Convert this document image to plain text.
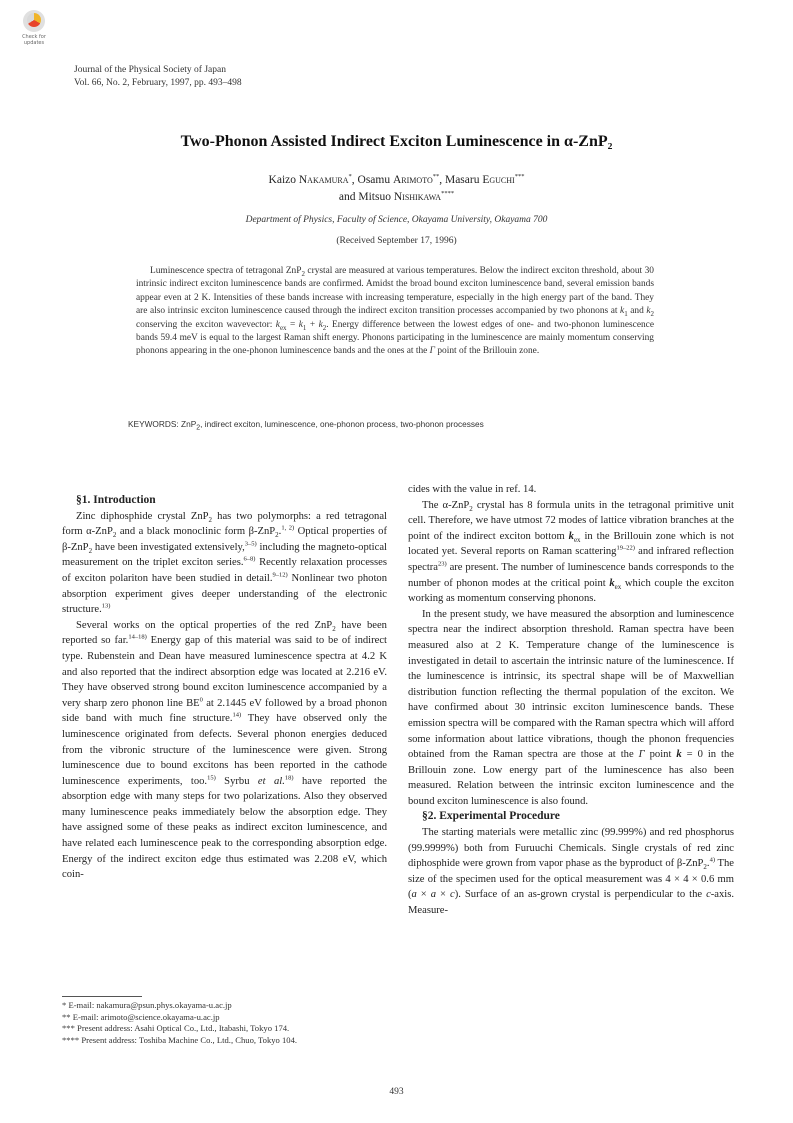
Check for
updates
Journal of the Physical Society of Japan
Vol. 66, No. 2, February, 1997, pp. 493–498
Two-Phonon Assisted Indirect Exciton Luminescence in α-ZnP₂
Kaizo Nakamura*, Osamu Arimoto**, Masaru Eguchi***
and Mitsuo Nishikawa****
Department of Physics, Faculty of Science, Okayama University, Okayama 700
(Received September 17, 1996)
Luminescence spectra of tetragonal ZnP$_2$ crystal are measured at various temperatures. Below the indirect exciton threshold, about 30 intrinsic indirect exciton luminescence bands are confirmed. Amidst the broad bound exciton luminescence band, several emission bands appear even at 2 K. Intensities of these bands increase with increasing temperature, especially in the high energy part of the band. They are also intrinsic exciton luminescence caused through the indirect exciton transition processes accompanied by two phonons at $k_1$ and $k_2$ conserving the exciton wavevector: $k_{ex} = k_1 + k_2$. Energy difference between the lowest edges of one- and two-phonon luminescence bands 59.4 meV is equal to the largest Raman shift energy. Phonons participating in the luminescence are mainly momentum conserving phonons appearing in the one-phonon luminescence bands and the ones at the Γ point of the Brillouin zone.
KEYWORDS: ZnP$_2$, indirect exciton, luminescence, one-phonon process, two-phonon processes

§1. Introduction

Zinc diphosphide crystal ZnP$_2$ has two polymorphs: a red tetragonal form α-ZnP$_2$ and a black monoclinic form β-ZnP$_2$.$^{1, 2)}$ Optical properties of β-ZnP$_2$ have been investigated extensively,$^{3-5)}$ including the magneto-optical measurement on the triplet exciton series.$^{6-8)}$ Recently relaxation processes of exciton polariton have been studied in detail.$^{9-12)}$ Nonlinear two photon absorption experiment gives deeper understanding of the electronic structure.$^{13)}$

Several works on the optical properties of the red ZnP$_2$ have been reported so far.$^{14-18)}$ Energy gap of this material was said to be of indirect type. Rubenstein and Dean have measured luminescence spectra at 4.2 K and also reported that the indirect absorption edge was located at 2.216 eV. They have observed strong bound exciton luminescence accompanied by a very sharp zero phonon line $BE^0$ at 2.1445 eV followed by a broad phonon side band with much fine structure.$^{14)}$ They have observed only the luminescence originated from defects. Several phonon energies deduced from the vibronic structure of the luminescence were given. Strong luminescence due to bound excitons has been reported in the cathode luminescence experiments, too.$^{15)}$ Syrbu et al.$^{18)}$ have reported the absorption edge with many steps for two polarizations. Also they observed many luminescence peaks immediately below the absorption edge. They have assigned some of these peaks as indirect exciton luminescence, and have related each luminescence peak to the corresponding absorption edge. Energy of the indirect exciton edge thus estimated was 2.208 eV, which coin-

* E-mail: nakamura@psun.phys.okayama-u.ac.jp
** E-mail: arimoto@science.okayama-u.ac.jp
*** Present address: Asahi Optical Co., Ltd., Itabashi, Tokyo 174.
**** Present address: Toshiba Machine Co., Ltd., Chuo, Tokyo 104.

cides with the value in ref. 14.

The α-ZnP$_2$ crystal has 8 formula units in the tetragonal primitive unit cell. Therefore, we have utmost 72 modes of lattice vibration branches at the point of the indirect exciton bottom $k_{ex}$ in the Brillouin zone which is not located yet. Several reports on Raman scattering$^{19-22)}$ and infrared reflection spectra$^{23)}$ are present. The number of luminescence bands corresponds to the number of phonon modes at the critical point $k_{ex}$ which couple the exciton working as momentum conserving phonons.

In the present study, we have measured the absorption and luminescence spectra near the indirect absorption threshold. Raman spectra have been measured also at 2 K. Temperature change of the luminescence is investigated in detail to ascertain the intrinsic nature of the luminescence. If the luminescence is intrinsic, its spectral shape will be of Maxwellian distribution function reflecting the thermal population of the exciton. We have confirmed about 30 intrinsic exciton luminescence bands. These emission spectra will be compared with the Raman spectra which will afford some information about lattice vibrations, though the phonon frequencies obtained from the Raman spectra are those at the Γ point k = 0 in the Brillouin zone. Low energy part of the luminescence has also been measured. Relation between the intrinsic exciton luminescence and the bound exciton luminescence is also found.

§2. Experimental Procedure

The starting materials were metallic zinc (99.999%) and red phosphorus (99.9999%) both from Furuuchi Chemicals. Single crystals of red zinc diphosphide were grown from vapor phase as the byproduct of β-ZnP$_2$.$^{4)}$ The size of the specimen used for the optical measurement was 4 × 4 × 0.6 mm (a × a × c). Surface of an as-grown crystal is perpendicular to the c-axis. Measure-

493
